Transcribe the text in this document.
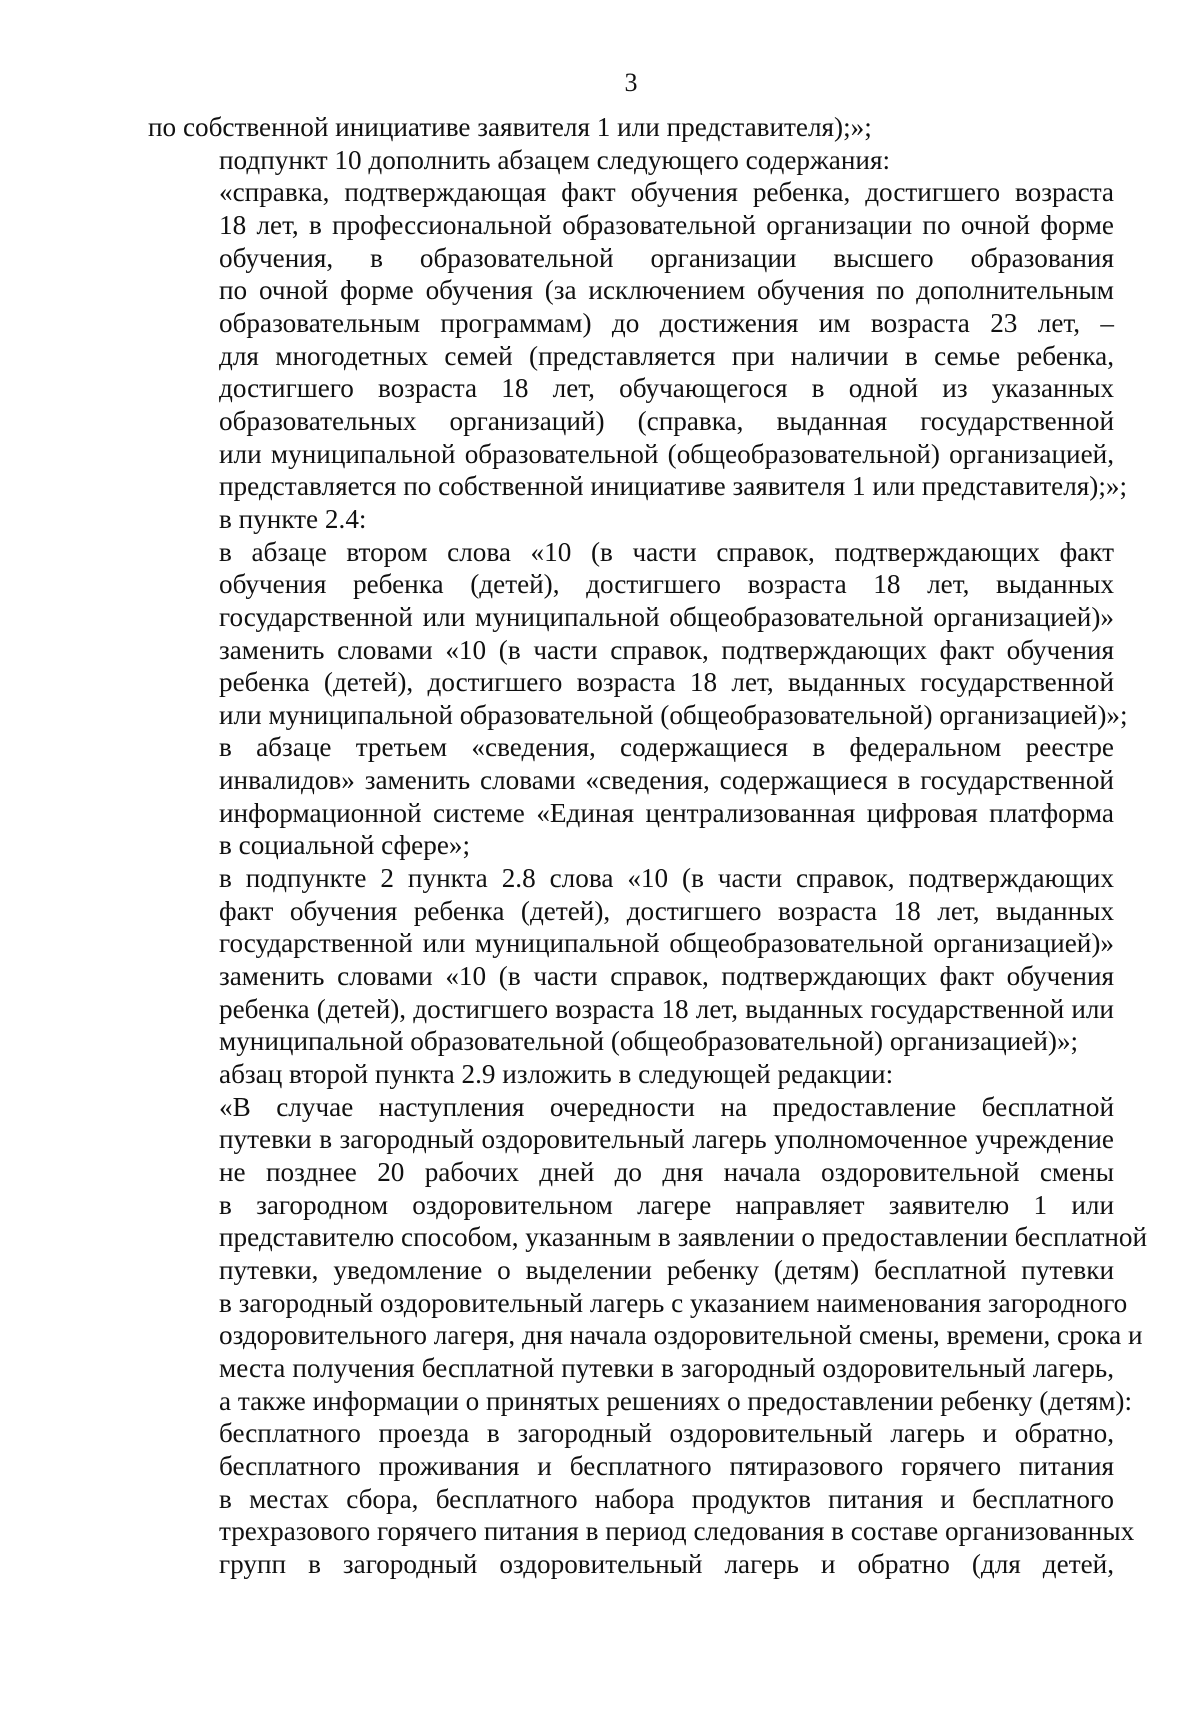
3

по собственной инициативе заявителя 1 или представителя);»;

подпункт 10 дополнить абзацем следующего содержания:

«справка, подтверждающая факт обучения ребенка, достигшего возраста
18 лет, в профессиональной образовательной организации по очной форме
обучения, в образовательной организации высшего образования
по очной форме обучения (за исключением обучения по дополнительным
образовательным программам) до достижения им возраста 23 лет, –
для многодетных семей (представляется при наличии в семье ребенка,
достигшего возраста 18 лет, обучающегося в одной из указанных
образовательных организаций) (справка, выданная государственной
или муниципальной образовательной (общеобразовательной) организацией,
представляется по собственной инициативе заявителя 1 или представителя);»;

в пункте 2.4:

в абзаце втором слова «10 (в части справок, подтверждающих факт
обучения ребенка (детей), достигшего возраста 18 лет, выданных
государственной или муниципальной общеобразовательной организацией)»
заменить словами «10 (в части справок, подтверждающих факт обучения
ребенка (детей), достигшего возраста 18 лет, выданных государственной
или муниципальной образовательной (общеобразовательной) организацией)»;

в абзаце третьем «сведения, содержащиеся в федеральном реестре
инвалидов» заменить словами «сведения, содержащиеся в государственной
информационной системе «Единая централизованная цифровая платформа
в социальной сфере»;

в подпункте 2 пункта 2.8 слова «10 (в части справок, подтверждающих
факт обучения ребенка (детей), достигшего возраста 18 лет, выданных
государственной или муниципальной общеобразовательной организацией)»
заменить словами «10 (в части справок, подтверждающих факт обучения
ребенка (детей), достигшего возраста 18 лет, выданных государственной или
муниципальной образовательной (общеобразовательной) организацией)»;

абзац второй пункта 2.9 изложить в следующей редакции:

«В случае наступления очередности на предоставление бесплатной
путевки в загородный оздоровительный лагерь уполномоченное учреждение
не позднее 20 рабочих дней до дня начала оздоровительной смены
в загородном оздоровительном лагере направляет заявителю 1 или
представителю способом, указанным в заявлении о предоставлении бесплатной
путевки, уведомление о выделении ребенку (детям) бесплатной путевки
в загородный оздоровительный лагерь с указанием наименования загородного
оздоровительного лагеря, дня начала оздоровительной смены, времени, срока и
места получения бесплатной путевки в загородный оздоровительный лагерь,
а также информации о принятых решениях о предоставлении ребенку (детям):
бесплатного проезда в загородный оздоровительный лагерь и обратно,
бесплатного проживания и бесплатного пятиразового горячего питания
в местах сбора, бесплатного набора продуктов питания и бесплатного
трехразового горячего питания в период следования в составе организованных
групп в загородный оздоровительный лагерь и обратно (для детей,
